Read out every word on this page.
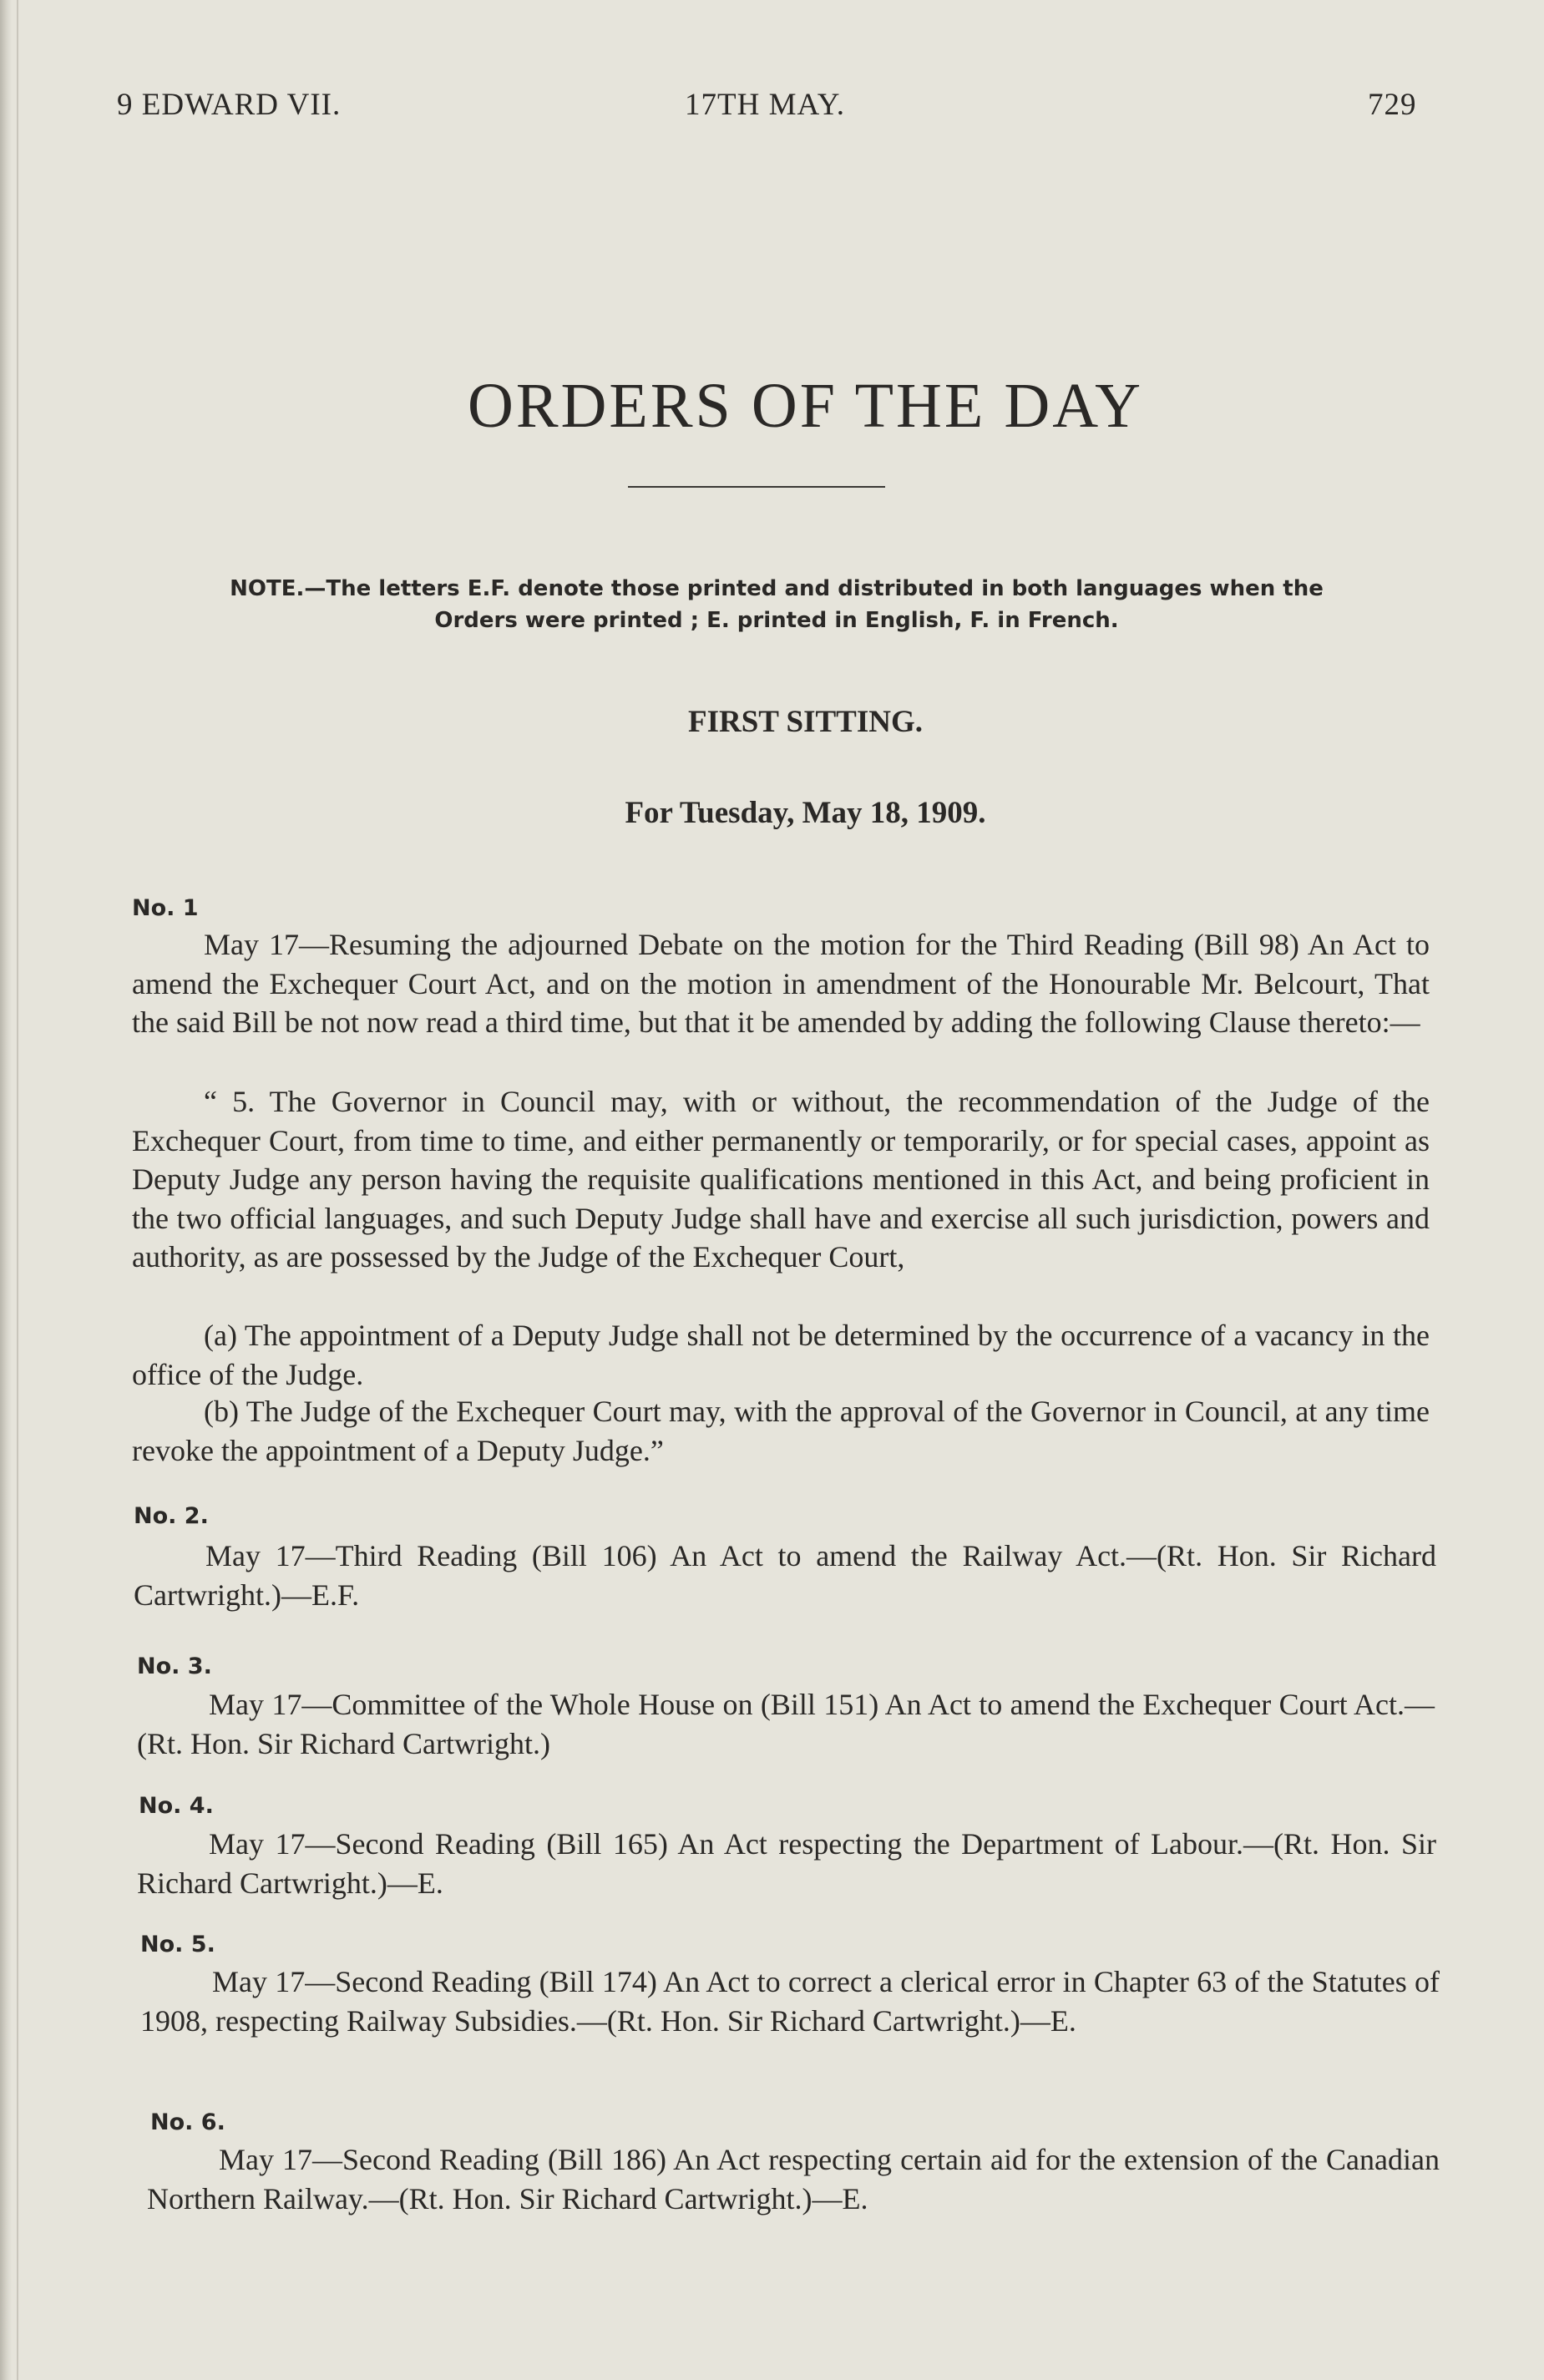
9 EDWARD VII.	17TH MAY.	729
ORDERS OF THE DAY
NOTE.—The letters E.F. denote those printed and distributed in both languages when the
Orders were printed ; E. printed in English, F. in French.
FIRST SITTING.
For Tuesday, May 18, 1909.
No. 1
May 17—Resuming the adjourned Debate on the motion for the Third Reading (Bill 98) An Act to amend the Exchequer Court Act, and on the motion in amendment of the Honourable Mr. Belcourt, That the said Bill be not now read a third time, but that it be amended by adding the following Clause thereto:—
“ 5. The Governor in Council may, with or without, the recommendation of the Judge of the Exchequer Court, from time to time, and either permanently or temporarily, or for special cases, appoint as Deputy Judge any person having the requisite qualifications mentioned in this Act, and being proficient in the two official languages, and such Deputy Judge shall have and exercise all such jurisdiction, powers and authority, as are possessed by the Judge of the Exchequer Court,
(a) The appointment of a Deputy Judge shall not be determined by the occurrence of a vacancy in the office of the Judge.
(b) The Judge of the Exchequer Court may, with the approval of the Governor in Council, at any time revoke the appointment of a Deputy Judge.”
No. 2.
May 17—Third Reading (Bill 106) An Act to amend the Railway Act.—(Rt. Hon. Sir Richard Cartwright.)—E.F.
No. 3.
May 17—Committee of the Whole House on (Bill 151) An Act to amend the Exchequer Court Act.—(Rt. Hon. Sir Richard Cartwright.)
No. 4.
May 17—Second Reading (Bill 165) An Act respecting the Department of Labour.—(Rt. Hon. Sir Richard Cartwright.)—E.
No. 5.
May 17—Second Reading (Bill 174) An Act to correct a clerical error in Chapter 63 of the Statutes of 1908, respecting Railway Subsidies.—(Rt. Hon. Sir Richard Cartwright.)—E.
No. 6.
May 17—Second Reading (Bill 186) An Act respecting certain aid for the extension of the Canadian Northern Railway.—(Rt. Hon. Sir Richard Cartwright.)—E.
